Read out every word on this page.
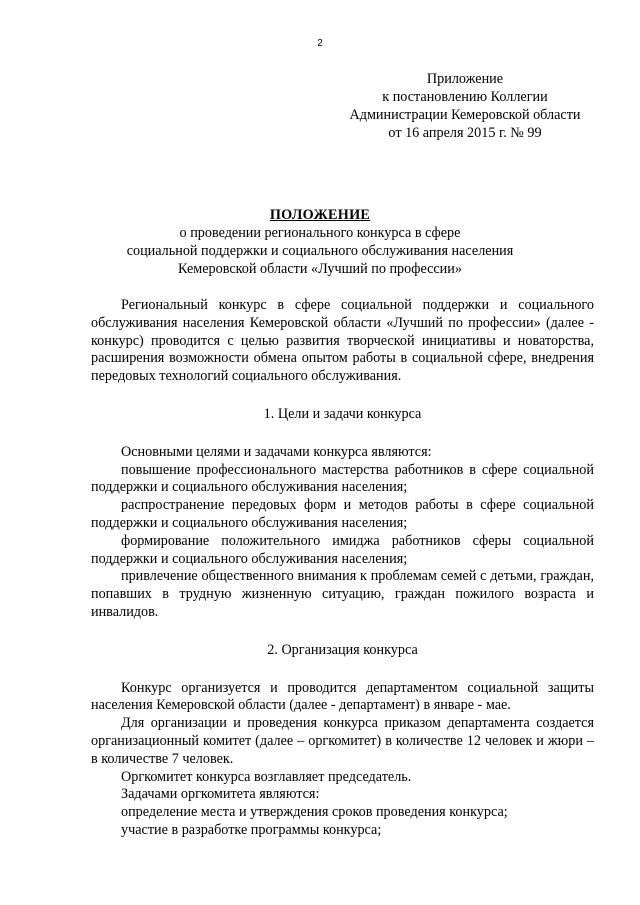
2
Приложение
к постановлению Коллегии
Администрации Кемеровской области
от 16 апреля 2015 г. № 99
ПОЛОЖЕНИЕ
о проведении регионального конкурса в сфере
социальной поддержки и социального обслуживания населения
Кемеровской области «Лучший по профессии»

Региональный конкурс в сфере социальной поддержки и социального обслуживания населения Кемеровской области «Лучший по профессии» (далее - конкурс) проводится с целью развития творческой инициативы и новаторства, расширения возможности обмена опытом работы в социальной сфере, внедрения передовых технологий социального обслуживания.

1. Цели и задачи конкурса

Основными целями и задачами конкурса являются:

повышение профессионального мастерства работников в сфере социальной поддержки и социального обслуживания населения;

распространение передовых форм и методов работы в сфере социальной поддержки и социального обслуживания населения;

формирование положительного имиджа работников сферы социальной поддержки и социального обслуживания населения;

привлечение общественного внимания к проблемам семей с детьми, граждан, попавших в трудную жизненную ситуацию, граждан пожилого возраста и инвалидов.

2. Организация конкурса

Конкурс организуется и проводится департаментом социальной защиты населения Кемеровской области (далее - департамент) в январе - мае.

Для организации и проведения конкурса приказом департамента создается организационный комитет (далее – оргкомитет) в количестве 12 человек и жюри – в количестве 7 человек.

Оргкомитет конкурса возглавляет председатель.

Задачами оргкомитета являются:

определение места и утверждения сроков проведения конкурса;

участие в разработке программы конкурса;
